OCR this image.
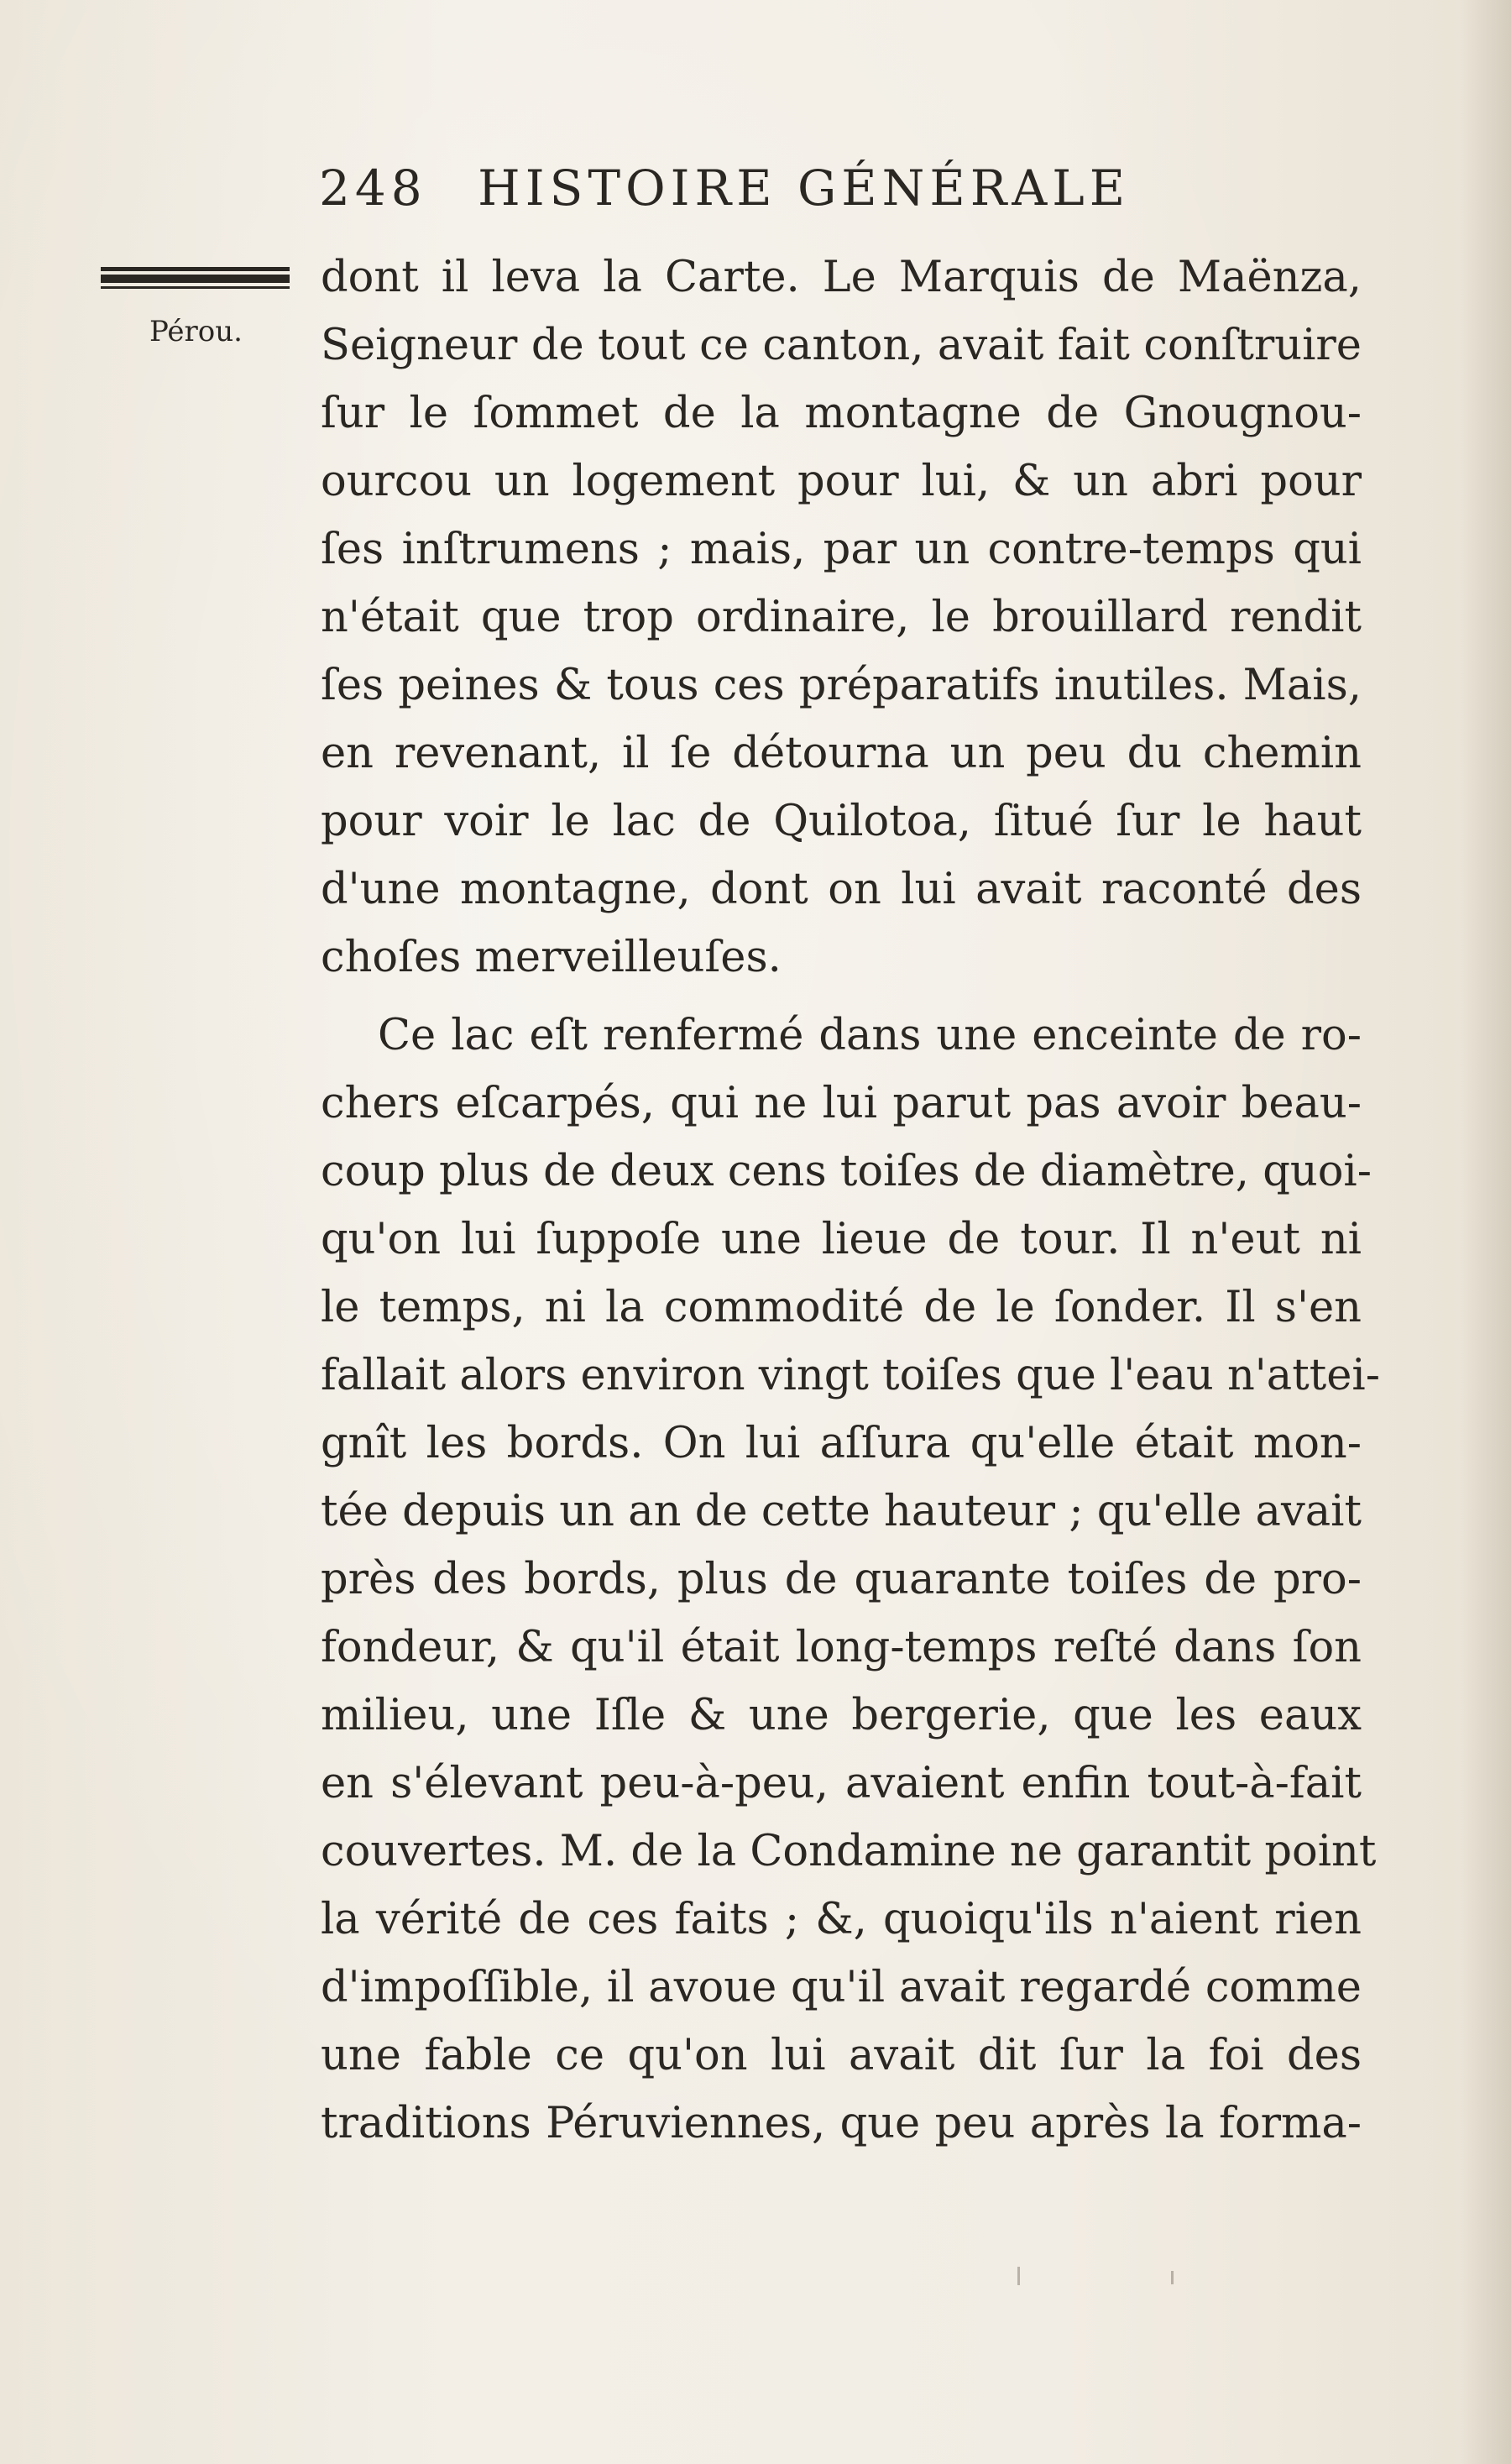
248 HISTOIRE GÉNÉRALE
Pérou.
dont il leva la Carte. Le Marquis de Maënza,
Seigneur de tout ce canton, avait fait conſtruire
ſur le ſommet de la montagne de Gnougnou-
ourcou un logement pour lui, & un abri pour
ſes inſtrumens ; mais, par un contre-temps qui
n'était que trop ordinaire, le brouillard rendit
ſes peines & tous ces préparatifs inutiles. Mais,
en revenant, il ſe détourna un peu du chemin
pour voir le lac de Quilotoa, ſitué ſur le haut
d'une montagne, dont on lui avait raconté des
choſes merveilleuſes.
Ce lac eſt renfermé dans une enceinte de ro-
chers eſcarpés, qui ne lui parut pas avoir beau-
coup plus de deux cens toiſes de diamètre, quoi-
qu'on lui ſuppoſe une lieue de tour. Il n'eut ni
le temps, ni la commodité de le ſonder. Il s'en
fallait alors environ vingt toiſes que l'eau n'attei-
gnît les bords. On lui aſſura qu'elle était mon-
tée depuis un an de cette hauteur ; qu'elle avait
près des bords, plus de quarante toiſes de pro-
fondeur, & qu'il était long-temps reſté dans ſon
milieu, une Iſle & une bergerie, que les eaux
en s'élevant peu-à-peu, avaient enfin tout-à-fait
couvertes. M. de la Condamine ne garantit point
la vérité de ces faits ; &, quoiqu'ils n'aient rien
d'impoſſible, il avoue qu'il avait regardé comme
une fable ce qu'on lui avait dit ſur la foi des
traditions Péruviennes, que peu après la forma-
